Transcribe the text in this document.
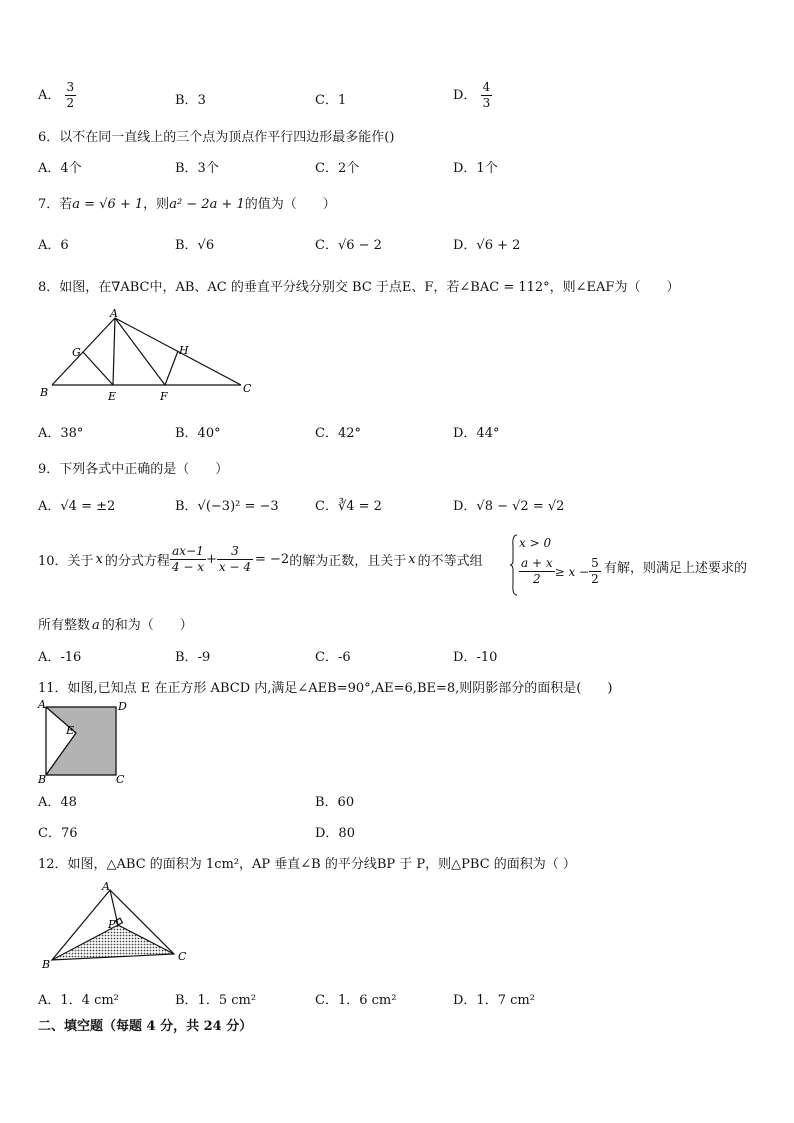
A． $\frac{3}{2}$	B．3	C．1	D． $\frac{4}{3}$
6．以不在同一直线上的三个点为顶点作平行四边形最多能作()
A．4个	B．3个	C．2个	D．1个
7．若a = √6 + 1，则a² − 2a + 1的值为（　　）
A．6	B．√6	C．√6 − 2	D．√6 + 2
8．如图，在∇ABC中，AB、AC 的垂直平分线分别交 BC 于点E、F，若∠BAC = 112°，则∠EAF为（　　）
A
B	C
E	F
G	H
A．38°	B．40°	C．42°	D．44°
9．下列各式中正确的是（　　）
A．√4 = ±2	B．√(−3)² = −3	C．∛4 = 2	D．√8 − √2 = √2
10．关于 x 的分式方程 $\frac{ax-1}{4 - x} + \frac{3}{x - 4} = -2$ 的解为正数，且关于 x 的不等式组
x > 0
$\frac{a + x}{2} \ge x - \frac{5}{2}$ 有解，则满足上述要求的
所有整数 a 的和为（　　）
A．-16	B．-9	C．-6	D．-10
11．如图,已知点 E 在正方形 ABCD 内,满足∠AEB=90°,AE=6,BE=8,则阴影部分的面积是(　　)
A	D
E
B	C
A．48	B．60
C．76	D．80
12．如图，△ABC 的面积为 1cm²，AP 垂直∠B 的平分线BP 于 P，则△PBC 的面积为（ ）
A
P
B
C
A．1．4 cm²	B．1．5 cm²	C．1．6 cm²	D．1．7 cm²
二、填空题（每题 4 分，共 24 分）
